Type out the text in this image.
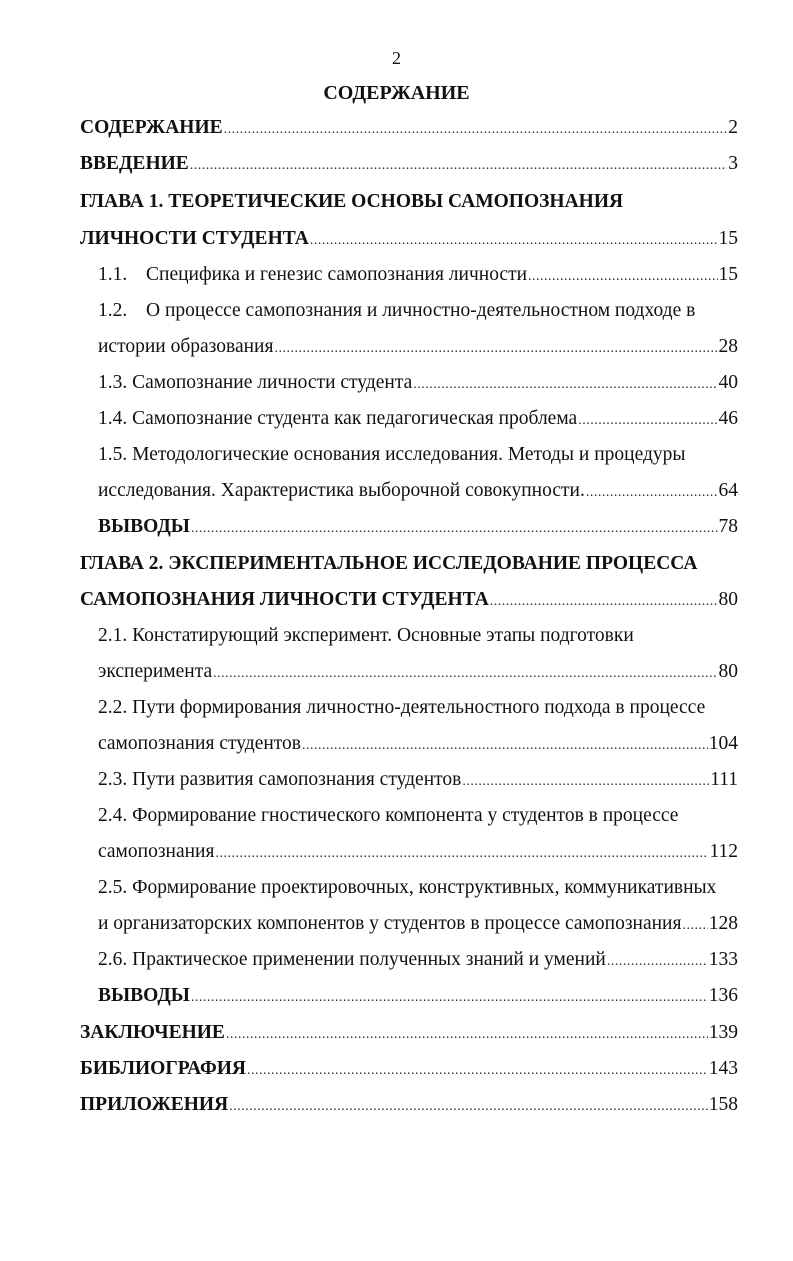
2
СОДЕРЖАНИЕ
СОДЕРЖАНИЕ .....	2
ВВЕДЕНИЕ .....	3
ГЛАВА 1. ТЕОРЕТИЧЕСКИЕ ОСНОВЫ САМОПОЗНАНИЯ
ЛИЧНОСТИ СТУДЕНТА .....	15
1.1. Специфика и генезис самопознания личности .....	15
1.2. О процессе самопознания и личностно-деятельностном подходе в
истории образования .....	28
1.3. Самопознание личности студента .....	40
1.4. Самопознание студента как педагогическая проблема .....	46
1.5. Методологические основания исследования. Методы и процедуры
исследования. Характеристика выборочной совокупности. .....	64
ВЫВОДЫ .....	78
ГЛАВА 2. ЭКСПЕРИМЕНТАЛЬНОЕ ИССЛЕДОВАНИЕ ПРОЦЕССА
САМОПОЗНАНИЯ ЛИЧНОСТИ СТУДЕНТА .....	80
2.1. Констатирующий эксперимент. Основные этапы подготовки
эксперимента .....	80
2.2. Пути формирования личностно-деятельностного подхода в процессе
самопознания студентов .....	104
2.3. Пути развития самопознания студентов .....	111
2.4. Формирование гностического компонента у студентов в процессе
самопознания .....	112
2.5. Формирование проектировочных, конструктивных, коммуникативных
и организаторских компонентов у студентов в процессе самопознания ..... 128
2.6. Практическое применении полученных знаний и умений .....	133
ВЫВОДЫ .....	136
ЗАКЛЮЧЕНИЕ .....	139
БИБЛИОГРАФИЯ .....	143
ПРИЛОЖЕНИЯ .....	158
